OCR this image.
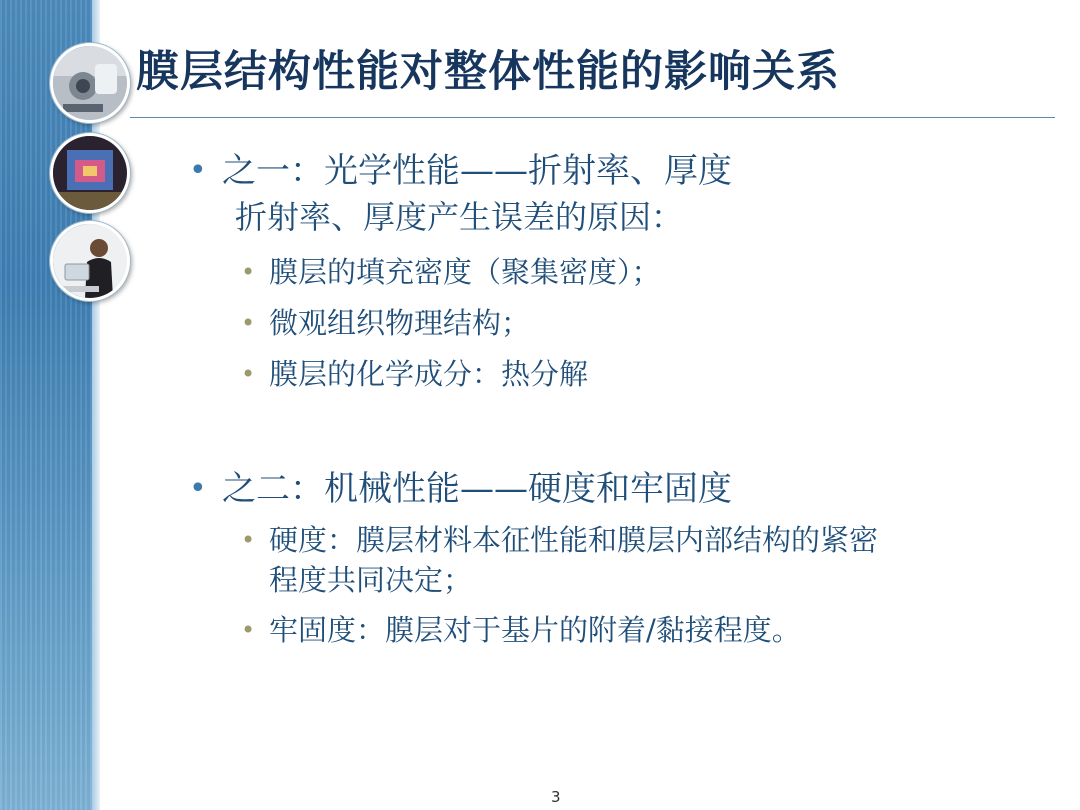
膜层结构性能对整体性能的影响关系
• 之一：光学性能——折射率、厚度
折射率、厚度产生误差的原因：
• 膜层的填充密度（聚集密度）；
• 微观组织物理结构；
• 膜层的化学成分：热分解
• 之二：机械性能——硬度和牢固度
• 硬度：膜层材料本征性能和膜层内部结构的紧密
程度共同决定；
• 牢固度：膜层对于基片的附着/黏接程度。
3
